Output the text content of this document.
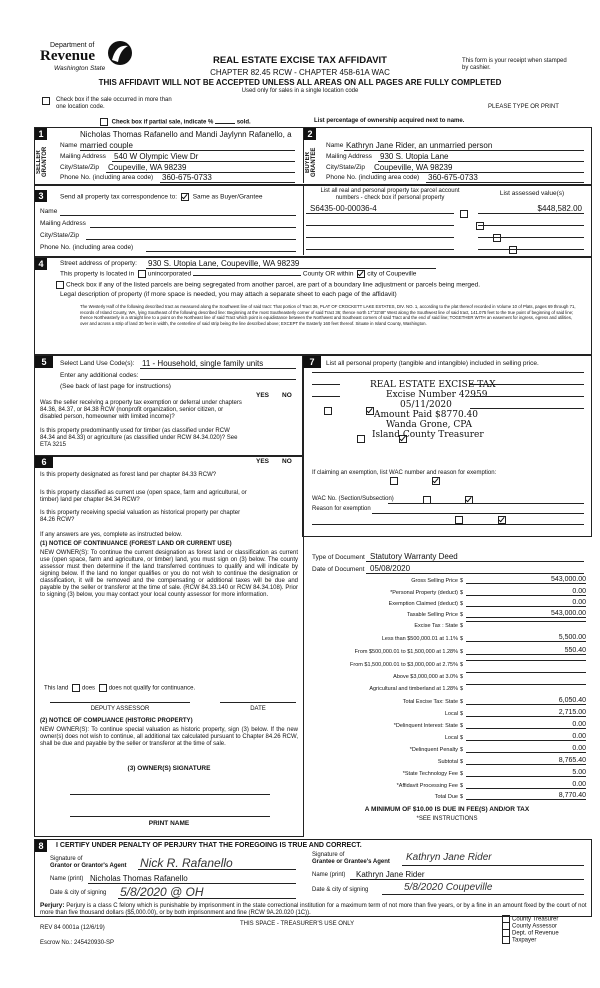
Department of
Revenue
Washington State
REAL ESTATE EXCISE TAX AFFIDAVIT
CHAPTER 82.45 RCW - CHAPTER 458-61A WAC
THIS AFFIDAVIT WILL NOT BE ACCEPTED UNLESS ALL AREAS ON ALL PAGES ARE FULLY COMPLETED
Used only for sales in a single location code
This form is your receipt when stamped by cashier.
Check box if the sale occurred in more than one location code.	PLEASE TYPE OR PRINT
Check box if partial sale, indicate %	sold.	List percentage of ownership acquired next to name.
1	2
SELLER GRANTOR	BUYER GRANTEE
Nicholas Thomas Rafanello and Mandi Jaylynn Rafanello, a
Name married couple
Mailing Address 540 W Olympic View Dr
City/State/Zip Coupeville, WA 98239
Phone No. (including area code) 360-675-0733
Name Kathryn Jane Rider, an unmarried person
Mailing Address 930 S. Utopia Lane
City/State/Zip Coupeville, WA 98239
Phone No. (including area code) 360-675-0733
3	Send all property tax correspondence to: Same as Buyer/Grantee
Name
Mailing Address
City/State/Zip
Phone No. (including area code)
List all real and personal property tax parcel account numbers - check box if personal property
List assessed value(s)
S6435-00-00036-4	$448,582.00

4	Street address of property: 930 S. Utopia Lane, Coupeville, WA 98239
This property is located in unincorporated	County OR within city of Coupeville
Check box if any of the listed parcels are being segregated from another parcel, are part of a boundary line adjustment or parcels being merged.
Legal description of property (if more space is needed, you may attach a separate sheet to each page of the affidavit)
The Westerly Half of the following described tract as measured along the Southwest line of said tract: That portion of Tract 36, PLAT OF CROCKETT LAKE ESTATES, DIV. NO. 1, according to the plat thereof recorded in Volume 10 of Plats, pages 69 through 71, records of Island County, WA, lying Southeast of the following described line: Beginning at the most Southeasterly corner of said Tract 36; thence north 17°32'48" West along the Southwest line of said tract, 141.075 feet to the true point of beginning of said line; thence Northeasterly in a straight line to a point on the Northeast line of said Tract which point is equidistance between the Northwest and Southeast corners of said Tract and the end of said line; TOGETHER WITH an easement for ingress, egress and utilities, over and across a strip of land 30 feet in width, the centerline of said strip being the line described above; EXCEPT the Easterly 160 feet thereof. Situate in Island County, Washington.
5	Select Land Use Code(s): 11 - Household, single family units
Enter any additional codes:
(See back of last page for instructions)
YES NO
Was the seller receiving a property tax exemption or deferral under chapters 84.36, 84.37, or 84.38 RCW (nonprofit organization, senior citizen, or disabled person, homeowner with limited income)?

Is this property predominantly used for timber (as classified under RCW 84.34 and 84.33) or agriculture (as classified under RCW 84.34.020)? See ETA 3215

6	YES NO
Is this property designated as forest land per chapter 84.33 RCW?

Is this property classified as current use (open space, farm and agricultural, or timber) land per chapter 84.34 RCW?

Is this property receiving special valuation as historical property per chapter 84.26 RCW?

If any answers are yes, complete as instructed below.
(1) NOTICE OF CONTINUANCE (FOREST LAND OR CURRENT USE)
NEW OWNER(S): To continue the current designation as forest land or classification as current use (open space, farm and agriculture, or timber) land, you must sign on (3) below. The county assessor must then determine if the land transferred continues to qualify and will indicate by signing below. If the land no longer qualifies or you do not wish to continue the designation or classification, it will be removed and the compensating or additional taxes will be due and payable by the seller or transferor at the time of sale. (RCW 84.33.140 or RCW 84.34.108). Prior to signing (3) below, you may contact your local county assessor for more information.
This land does does not qualify for continuance.
DEPUTY ASSESSOR	DATE
(2) NOTICE OF COMPLIANCE (HISTORIC PROPERTY)
NEW OWNER(S): To continue special valuation as historic property, sign (3) below. If the new owner(s) does not wish to continue, all additional tax calculated pursuant to Chapter 84.26 RCW, shall be due and payable by the seller or transferor at the time of sale.
(3) OWNER(S) SIGNATURE
PRINT NAME
7	List all personal property (tangible and intangible) included in selling price.
REAL ESTATE EXCISE TAX
Excise Number 42959
05/11/2020
Amount Paid $8770.40
Wanda Grone, CPA
Island County Treasurer
If claiming an exemption, list WAC number and reason for exemption:
WAC No. (Section/Subsection)
Reason for exemption
Type of Document Statutory Warranty Deed
Date of Document 05/08/2020
Gross Selling Price $	543,000.00
*Personal Property (deduct) $	0.00
Exemption Claimed (deduct) $	0.00
Taxable Selling Price $	543,000.00
Excise Tax : State $
Less than $500,000.01 at 1.1% $	5,500.00
From $500,000.01 to $1,500,000 at 1.28% $	550.40
From $1,500,000.01 to $3,000,000 at 2.75% $
Above $3,000,000 at 3.0% $
Agricultural and timberland at 1.28% $
Total Excise Tax: State $	6,050.40
Local $	2,715.00
*Delinquent Interest: State $	0.00
Local $	0.00
*Delinquent Penalty $	0.00
Subtotal $	8,765.40
*State Technology Fee $	5.00
*Affidavit Processing Fee $	0.00
Total Due $	8,770.40
A MINIMUM OF $10.00 IS DUE IN FEE(S) AND/OR TAX
*SEE INSTRUCTIONS
8	I CERTIFY UNDER PENALTY OF PERJURY THAT THE FOREGOING IS TRUE AND CORRECT.
Signature of
Grantor or Grantor's Agent Nick R. Rafanello
Name (print) Nicholas Thomas Rafanello
Date & city of signing 5/8/2020 @ OH
Signature of
Grantee or Grantee's Agent Kathryn Jane Rider
Name (print) Kathryn Jane Rider
Date & city of signing	5/8/2020 Coupeville
Perjury: Perjury is a class C felony which is punishable by imprisonment in the state correctional institution for a maximum term of not more than five years, or by a fine in an amount fixed by the court of not more than five thousand dollars ($5,000.00), or by both imprisonment and fine (RCW 9A.20.020 (1C)).
REV 84 0001a (12/6/19)
THIS SPACE - TREASURER'S USE ONLY
Escrow No.: 245420930-SP
County Treasurer
County Assessor
Dept. of Revenue
Taxpayer
